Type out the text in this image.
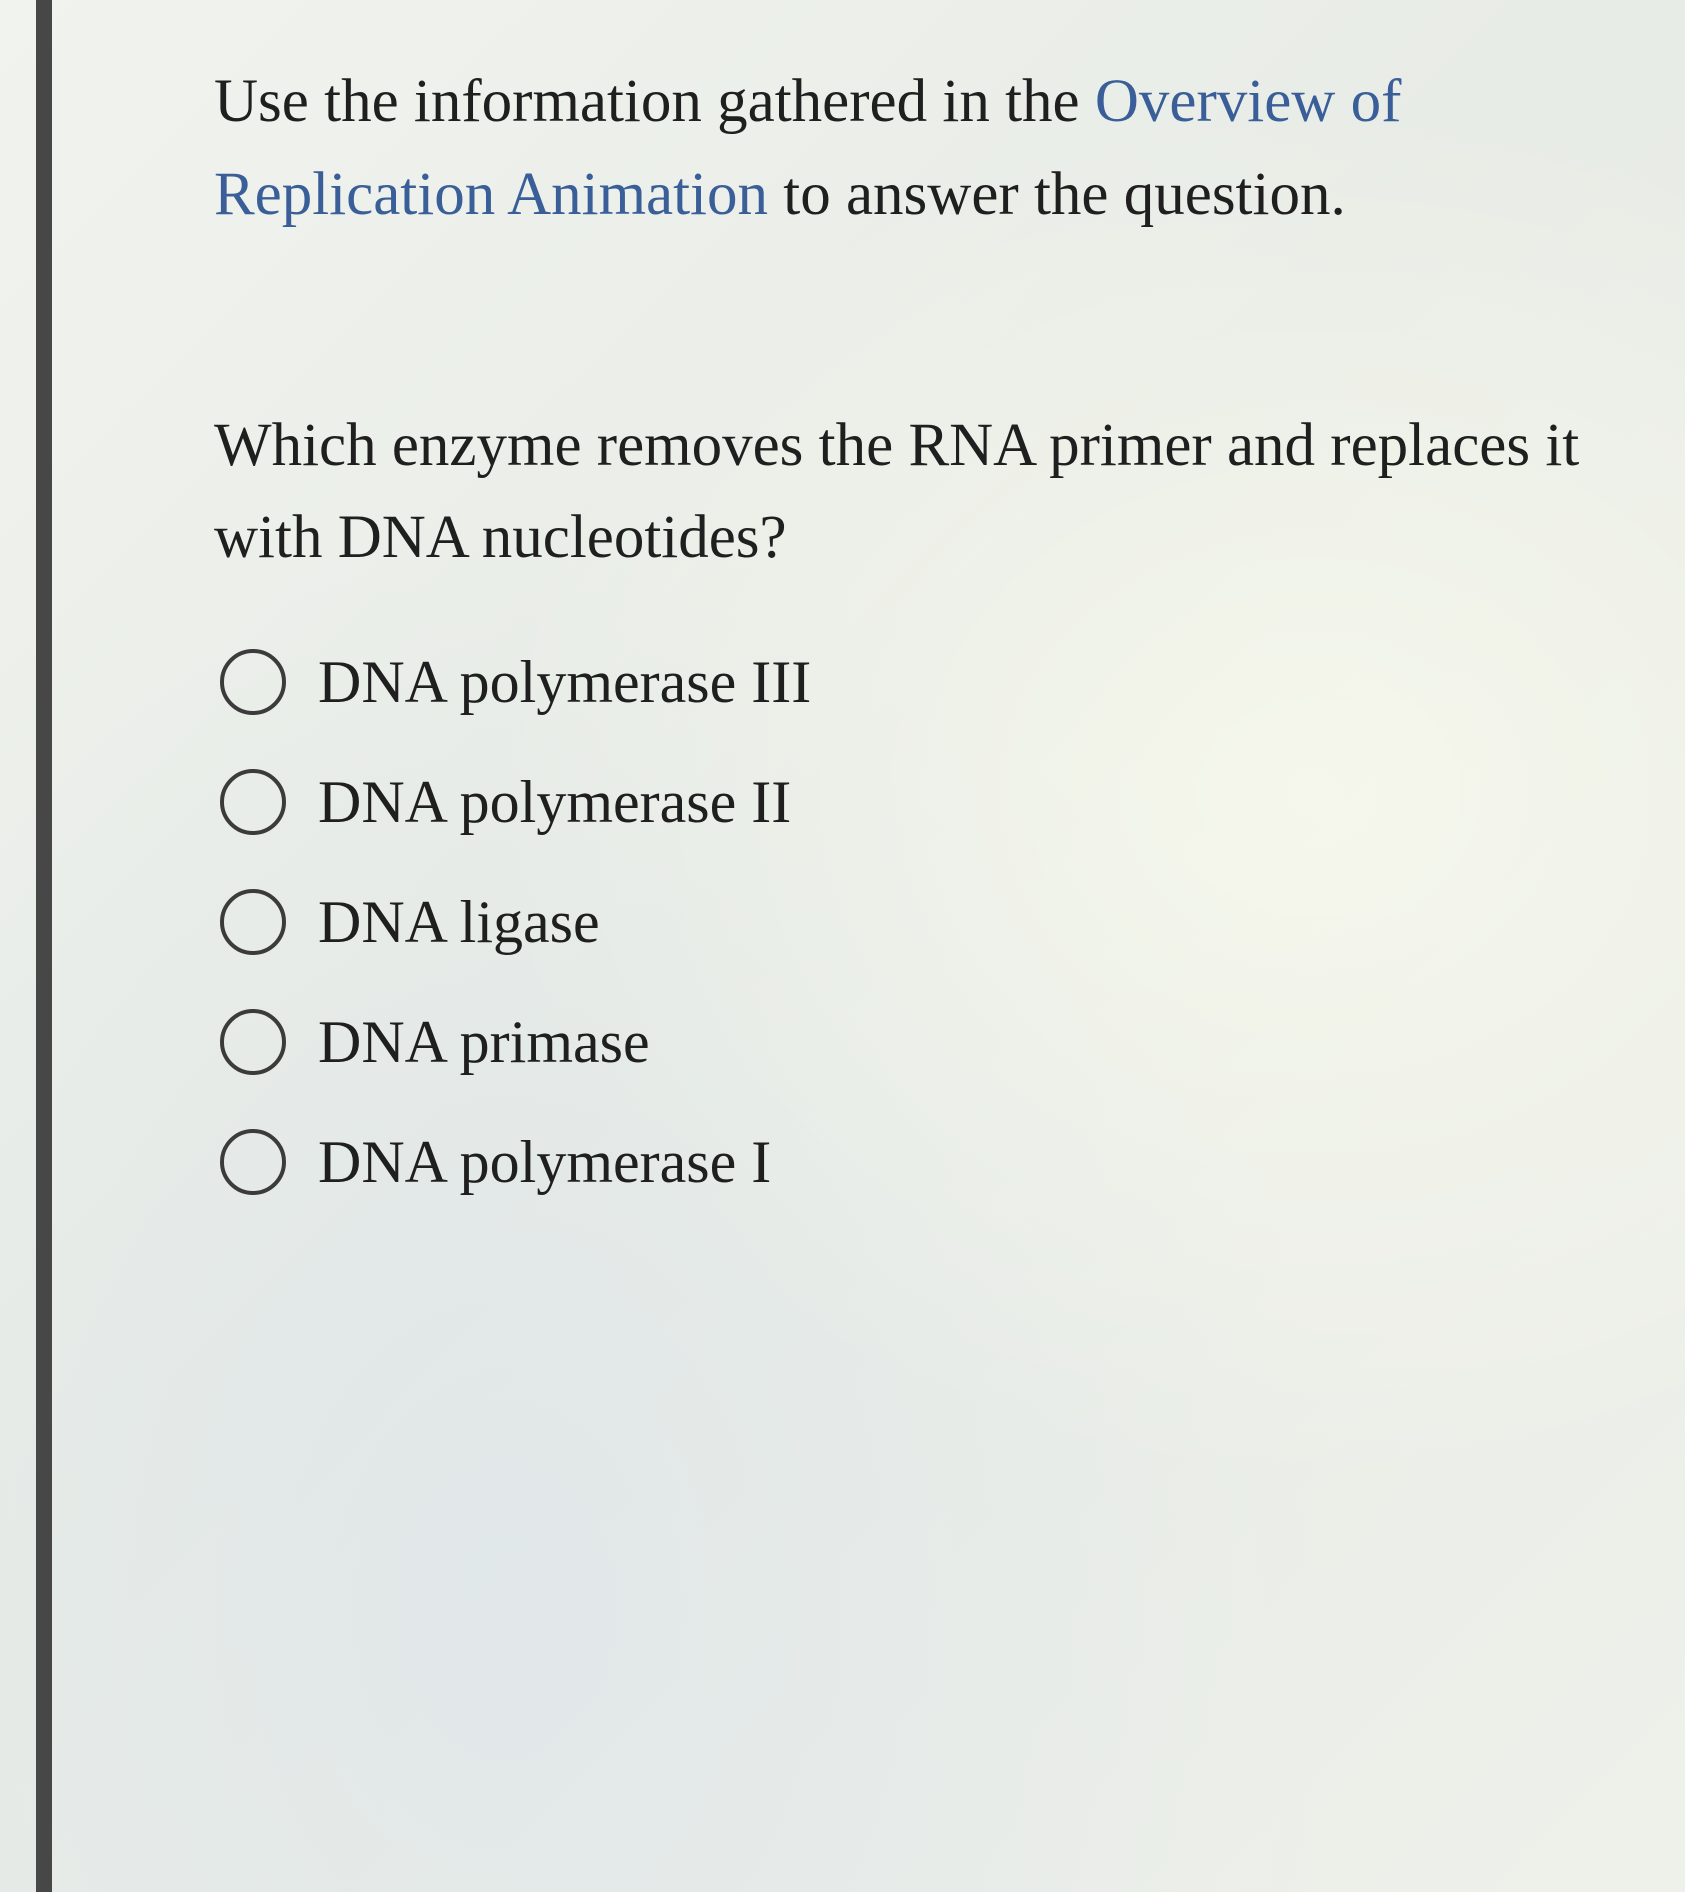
Use the information gathered in the Overview of Replication Animation to answer the question.

Which enzyme removes the RNA primer and replaces it with DNA nucleotides?

DNA polymerase III
DNA polymerase II
DNA ligase
DNA primase
DNA polymerase I
